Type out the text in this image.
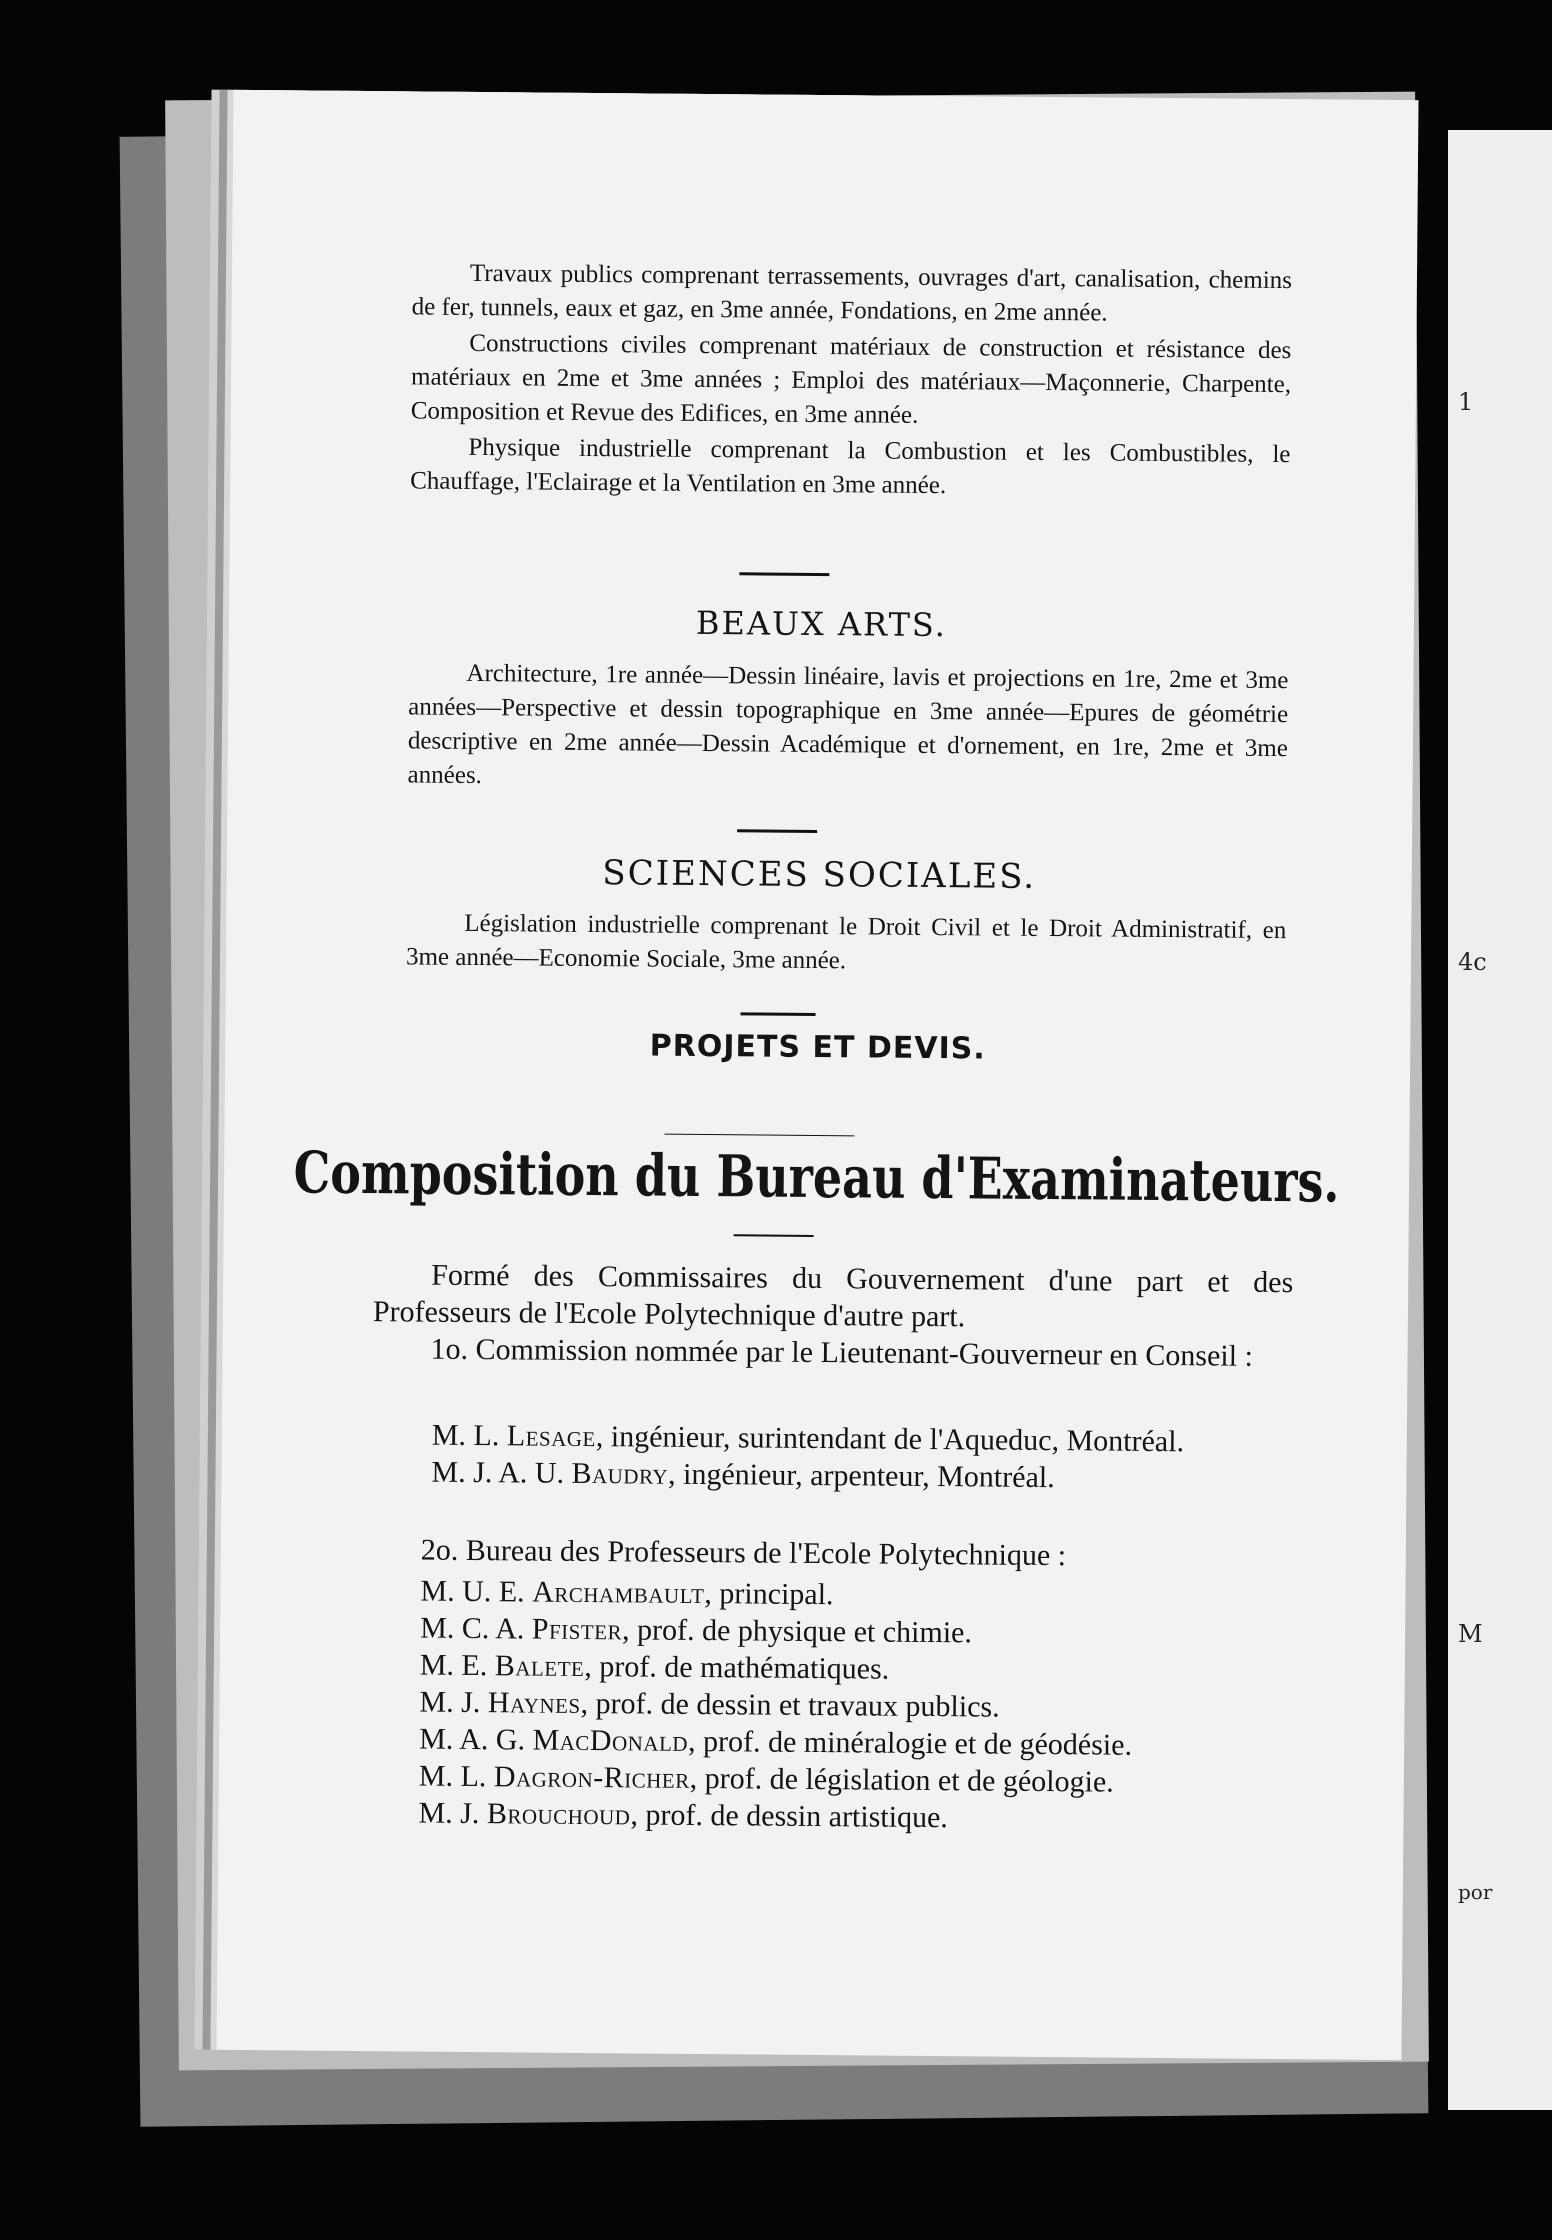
1
4c
M
por

Travaux publics comprenant terrassements, ouvrages d'art, canalisation, chemins de fer, tunnels, eaux et gaz, en 3me année, Fondations, en 2me année.

Constructions civiles comprenant matériaux de construction et résistance des matériaux en 2me et 3me années ; Emploi des matériaux—Maçonnerie, Charpente, Composition et Revue des Edifices, en 3me année.

Physique industrielle comprenant la Combustion et les Combustibles, le Chauffage, l'Eclairage et la Ventilation en 3me année.

BEAUX ARTS.

Architecture, 1re année—Dessin linéaire, lavis et projections en 1re, 2me et 3me années—Perspective et dessin topographique en 3me année—Epures de géométrie descriptive en 2me année—Dessin Académique et d'ornement, en 1re, 2me et 3me années.

SCIENCES SOCIALES.

Législation industrielle comprenant le Droit Civil et le Droit Administratif, en 3me année—Economie Sociale, 3me année.

PROJETS ET DEVIS.
Composition du Bureau d'Examinateurs.

Formé des Commissaires du Gouvernement d'une part et des Professeurs de l'Ecole Polytechnique d'autre part.

1o. Commission nommée par le Lieutenant-Gouverneur en Conseil :

M. L. Lesage, ingénieur, surintendant de l'Aqueduc, Montréal.

M. J. A. U. Baudry, ingénieur, arpenteur, Montréal.

2o. Bureau des Professeurs de l'Ecole Polytechnique :

M. U. E. Archambault, principal.

M. C. A. Pfister, prof. de physique et chimie.

M. E. Balete, prof. de mathématiques.

M. J. Haynes, prof. de dessin et travaux publics.

M. A. G. MacDonald, prof. de minéralogie et de géodésie.

M. L. Dagron-Richer, prof. de législation et de géologie.

M. J. Brouchoud, prof. de dessin artistique.
